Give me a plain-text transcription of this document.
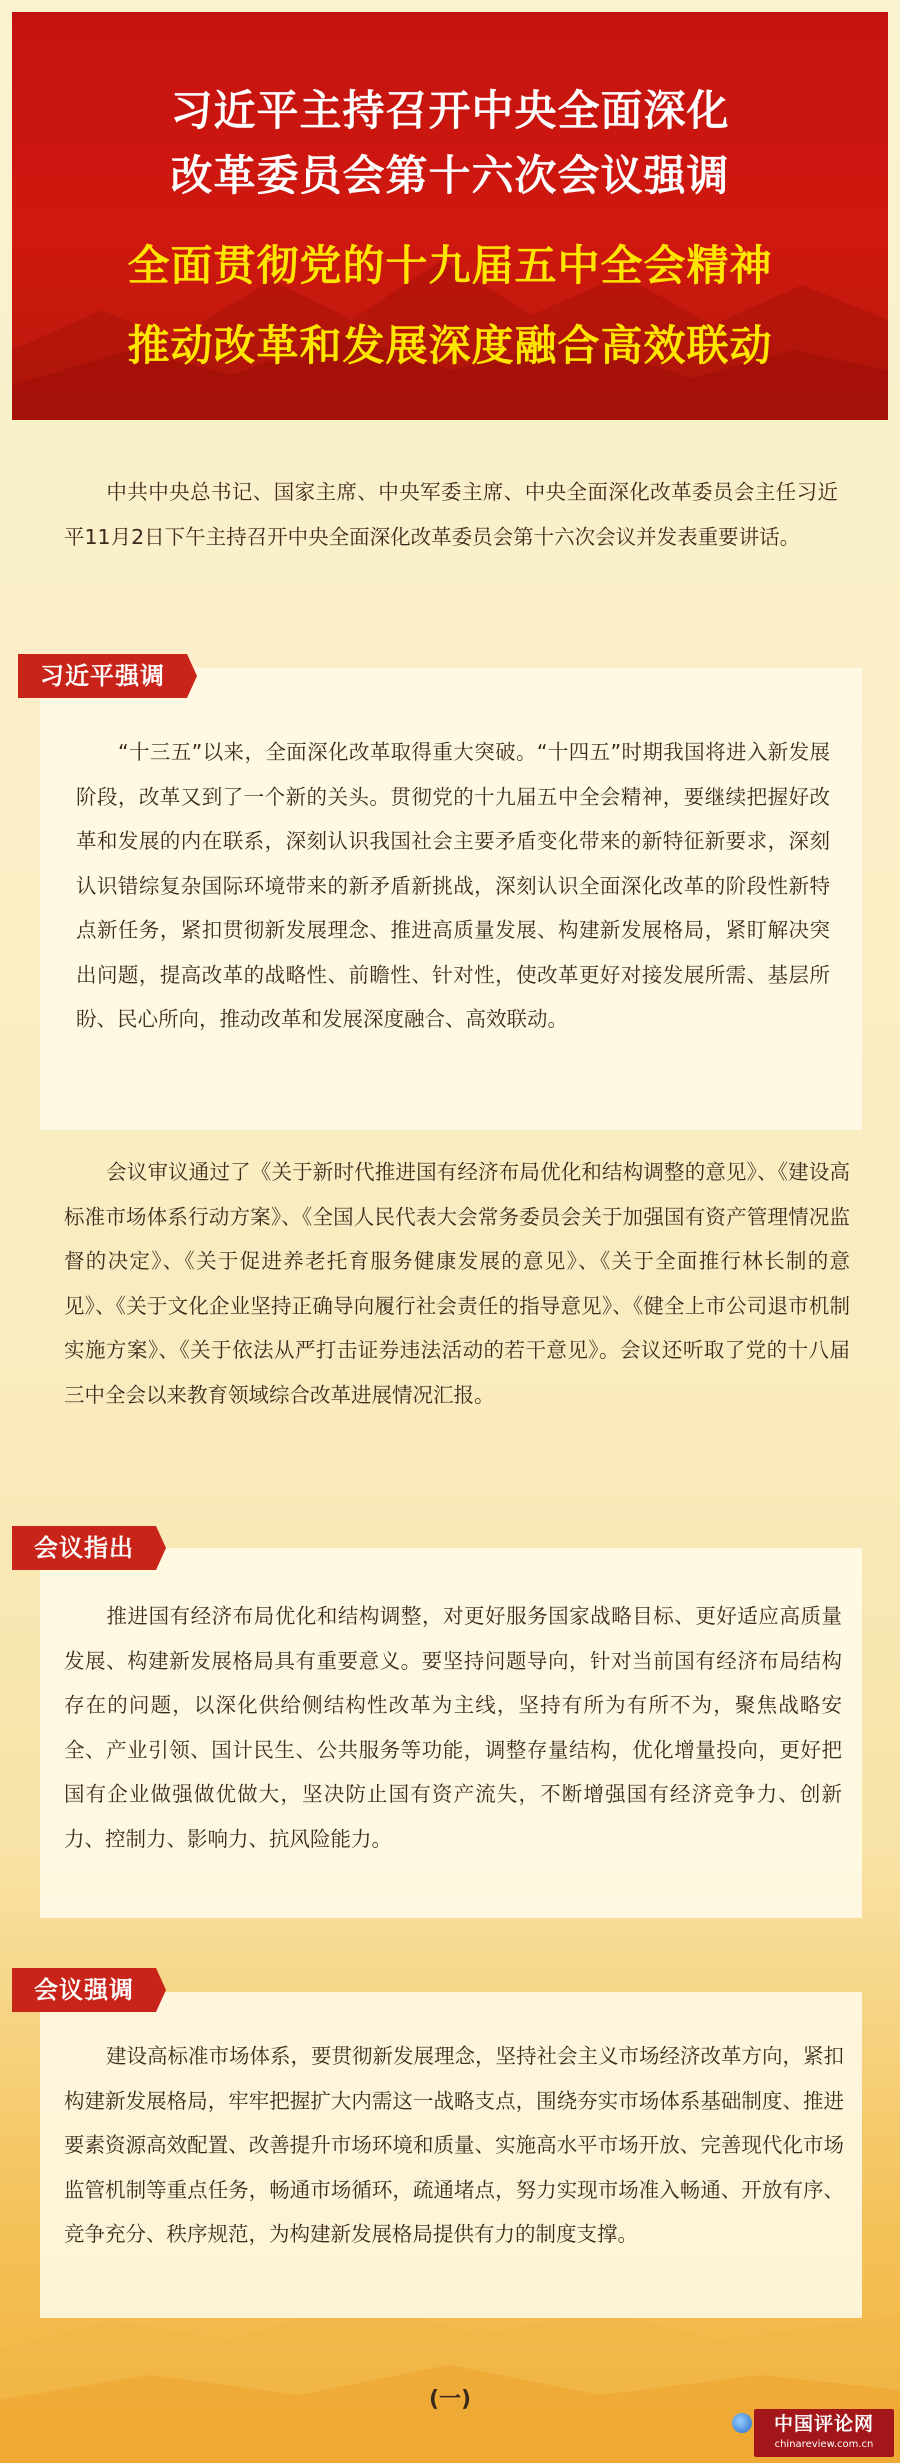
习近平主持召开中央全面深化
改革委员会第十六次会议强调
全面贯彻党的十九届五中全会精神
推动改革和发展深度融合高效联动

中共中央总书记、国家主席、中央军委主席、中央全面深化改革委员会主任习近平11月2日下午主持召开中央全面深化改革委员会第十六次会议并发表重要讲话。

习近平强调

“十三五”以来，全面深化改革取得重大突破。“十四五”时期我国将进入新发展阶段，改革又到了一个新的关头。贯彻党的十九届五中全会精神，要继续把握好改革和发展的内在联系，深刻认识我国社会主要矛盾变化带来的新特征新要求，深刻认识错综复杂国际环境带来的新矛盾新挑战，深刻认识全面深化改革的阶段性新特点新任务，紧扣贯彻新发展理念、推进高质量发展、构建新发展格局，紧盯解决突出问题，提高改革的战略性、前瞻性、针对性，使改革更好对接发展所需、基层所盼、民心所向，推动改革和发展深度融合、高效联动。

会议审议通过了《关于新时代推进国有经济布局优化和结构调整的意见》、《建设高标准市场体系行动方案》、《全国人民代表大会常务委员会关于加强国有资产管理情况监督的决定》、《关于促进养老托育服务健康发展的意见》、《关于全面推行林长制的意见》、《关于文化企业坚持正确导向履行社会责任的指导意见》、《健全上市公司退市机制实施方案》、《关于依法从严打击证券违法活动的若干意见》。会议还听取了党的十八届三中全会以来教育领域综合改革进展情况汇报。

会议指出

推进国有经济布局优化和结构调整，对更好服务国家战略目标、更好适应高质量发展、构建新发展格局具有重要意义。要坚持问题导向，针对当前国有经济布局结构存在的问题，以深化供给侧结构性改革为主线，坚持有所为有所不为，聚焦战略安全、产业引领、国计民生、公共服务等功能，调整存量结构，优化增量投向，更好把国有企业做强做优做大，坚决防止国有资产流失，不断增强国有经济竞争力、创新力、控制力、影响力、抗风险能力。

会议强调

建设高标准市场体系，要贯彻新发展理念，坚持社会主义市场经济改革方向，紧扣构建新发展格局，牢牢把握扩大内需这一战略支点，围绕夯实市场体系基础制度、推进要素资源高效配置、改善提升市场环境和质量、实施高水平市场开放、完善现代化市场监管机制等重点任务，畅通市场循环，疏通堵点，努力实现市场准入畅通、开放有序、竞争充分、秩序规范，为构建新发展格局提供有力的制度支撑。

(一)
中国评论网
chinareview.com.cn
